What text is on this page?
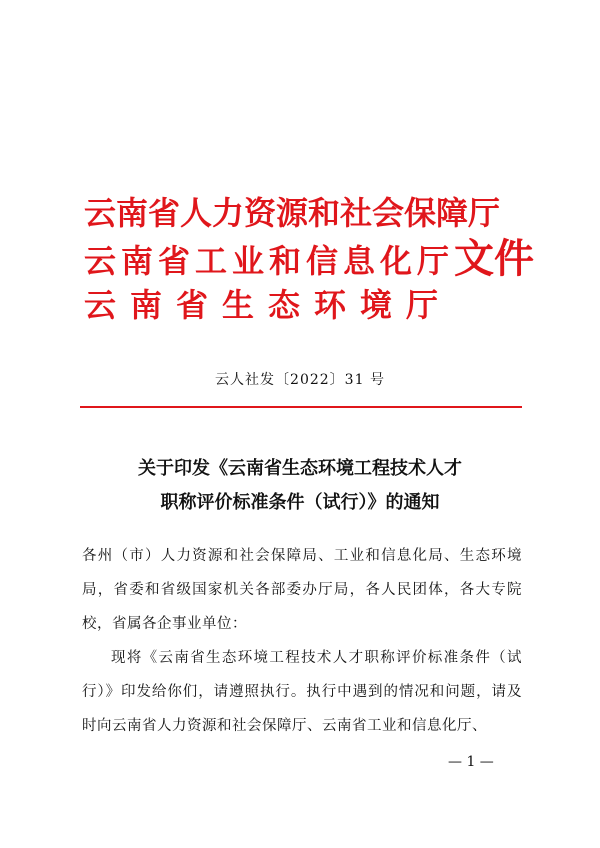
云南省人力资源和社会保障厅
云南省工业和信息化厅文件
云南省生态环境厅
云人社发〔2022〕31 号
关于印发《云南省生态环境工程技术人才
职称评价标准条件（试行）》的通知

各州（市）人力资源和社会保障局、工业和信息化局、生态环境局，省委和省级国家机关各部委办厅局，各人民团体，各大专院校，省属各企事业单位：

现将《云南省生态环境工程技术人才职称评价标准条件（试行）》印发给你们，请遵照执行。执行中遇到的情况和问题，请及时向云南省人力资源和社会保障厅、云南省工业和信息化厅、

— 1 —
